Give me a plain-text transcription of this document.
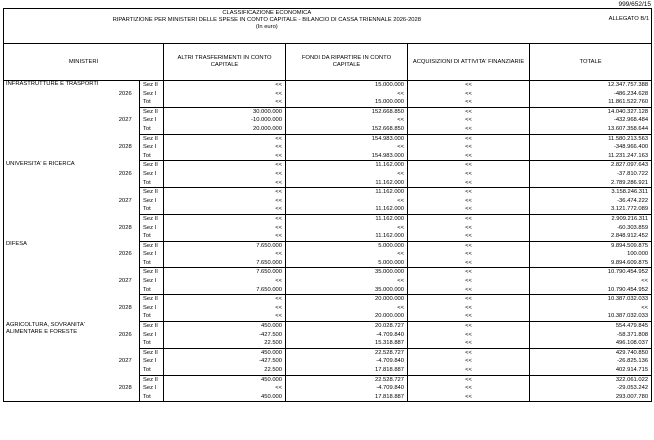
999/652/15
CLASSIFICAZIONE ECONOMICA
RIPARTIZIONE PER MINISTERI DELLE SPESE IN CONTO CAPITALE - BILANCIO DI CASSA TRIENNALE 2026-2028
(In euro)						ALLEGATO B/1
MINISTERI			ALTRI TRASFERIMENTI IN CONTO CAPITALE	FONDI DA RIPARTIRE IN CONTO CAPITALE	ACQUISIZIONI DI ATTIVITA' FINANZIARIE	TOTALE
INFRASTRUTTURE E TRASPORTI		Sez II	<<	15.000.000	<<	12.347.757.388
	2026	Sez I	<<	<<	<<	-486.234.628
		Tot	<<	15.000.000	<<	11.861.522.760
		Sez II	30.000.000	152.668.850	<<	14.040.327.128
	2027	Sez I	-10.000.000	<<	<<	-432.968.484
		Tot	20.000.000	152.668.850	<<	13.607.358.644
		Sez II	<<	154.983.000	<<	11.580.213.563
	2028	Sez I	<<	<<	<<	-348.966.400
		Tot	<<	154.983.000	<<	11.231.247.163
UNIVERSITA' E RICERCA		Sez II	<<	11.162.000	<<	2.827.097.643
	2026	Sez I	<<	<<	<<	-37.810.722
		Tot	<<	11.162.000	<<	2.789.286.921
		Sez II	<<	11.162.000	<<	3.158.246.311
	2027	Sez I	<<	<<	<<	-36.474.222
		Tot	<<	11.162.000	<<	3.121.772.089
		Sez II	<<	11.162.000	<<	2.909.216.311
	2028	Sez I	<<	<<	<<	-60.303.859
		Tot	<<	11.162.000	<<	2.848.912.452
DIFESA		Sez II	7.650.000	5.000.000	<<	9.894.509.875
	2026	Sez I	<<	<<	<<	100.000
		Tot	7.650.000	5.000.000	<<	9.894.609.875
		Sez II	7.650.000	35.000.000	<<	10.790.454.952
	2027	Sez I	<<	<<	<<	<<
		Tot	7.650.000	35.000.000	<<	10.790.454.952
		Sez II	<<	20.000.000	<<	10.387.032.033
	2028	Sez I	<<	<<	<<	<<
		Tot	<<	20.000.000	<<	10.387.032.033
AGRICOLTURA, SOVRANITA' ALIMENTARE E FORESTE		Sez II	450.000	20.028.727	<<	554.479.845
	2026	Sez I	-427.500	-4.709.840	<<	-58.371.808
		Tot	22.500	15.318.887	<<	496.108.037
		Sez II	450.000	22.528.727	<<	429.740.850
	2027	Sez I	-427.500	-4.709.840	<<	-26.825.136
		Tot	22.500	17.818.887	<<	402.914.715
		Sez II	450.000	22.528.727	<<	322.061.022
	2028	Sez I	<<	-4.709.840	<<	-29.053.242
		Tot	450.000	17.818.887	<<	293.007.780
